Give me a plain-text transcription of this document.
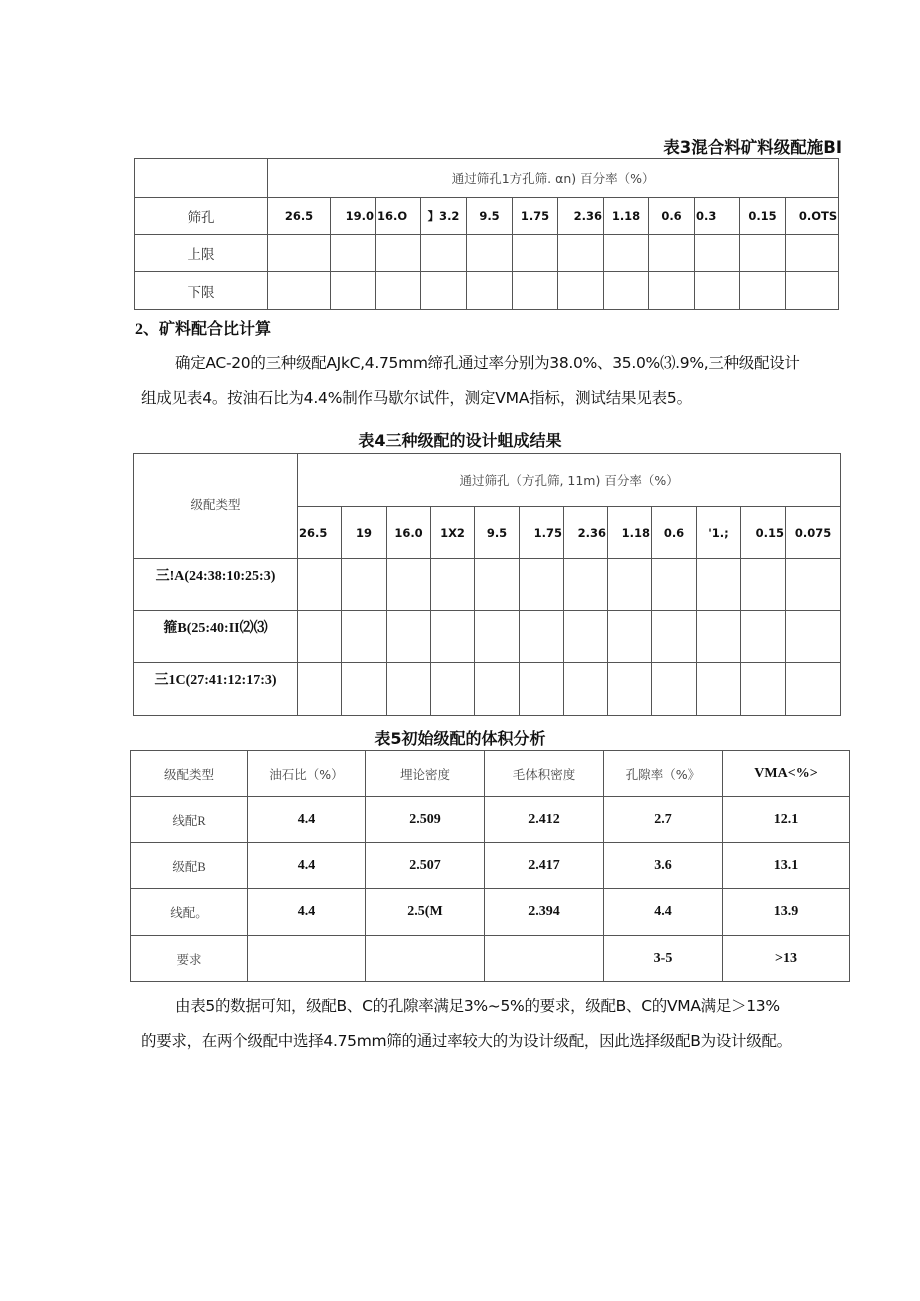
表3混合料矿料级配施BI
	通过筛孔1方孔筛. αn) 百分率（%）											
筛孔	26.5	19.0	16.O	】3.2	9.5	1.75	2.36	1.18	0.6	0.3	0.15	0.OTS
上限												
下限												
2、矿料配合比计算
确定AC-20的三种级配AJkC,4.75mm缔孔通过率分别为38.0%、35.0%⑶.9%,三种级配设计
组成见表4。按油石比为4.4%制作马歇尔试件，测定VMA指标，测试结果见表5。
表4三种级配的设计蛆成结果
级配类型	通过筛孔（方孔筛, 11m) 百分率（%）											
	26.5	19	16.0	1X2	9.5	1.75	2.36	1.18	0.6	'1.;	0.15	0.075
三!A(24:38:10:25:3)												
箍B(25:40:II⑵⑶												
三1C(27:41:12:17:3)												
表5初始级配的体积分析
级配类型	油石比（%）	埋论密度	毛体积密度	孔隙率（%》	VMA<%>
线配R	4.4	2.509	2.412	2.7	12.1
级配B	4.4	2.507	2.417	3.6	13.1
线配。	4.4	2.5(M	2.394	4.4	13.9
要求				3-5	>13
由表5的数据可知，级配B、C的孔隙率满足3%~5%的要求，级配B、C的VMA满足＞13%
的要求，在两个级配中选择4.75mm筛的通过率较大的为设计级配，因此选择级配B为设计级配。
